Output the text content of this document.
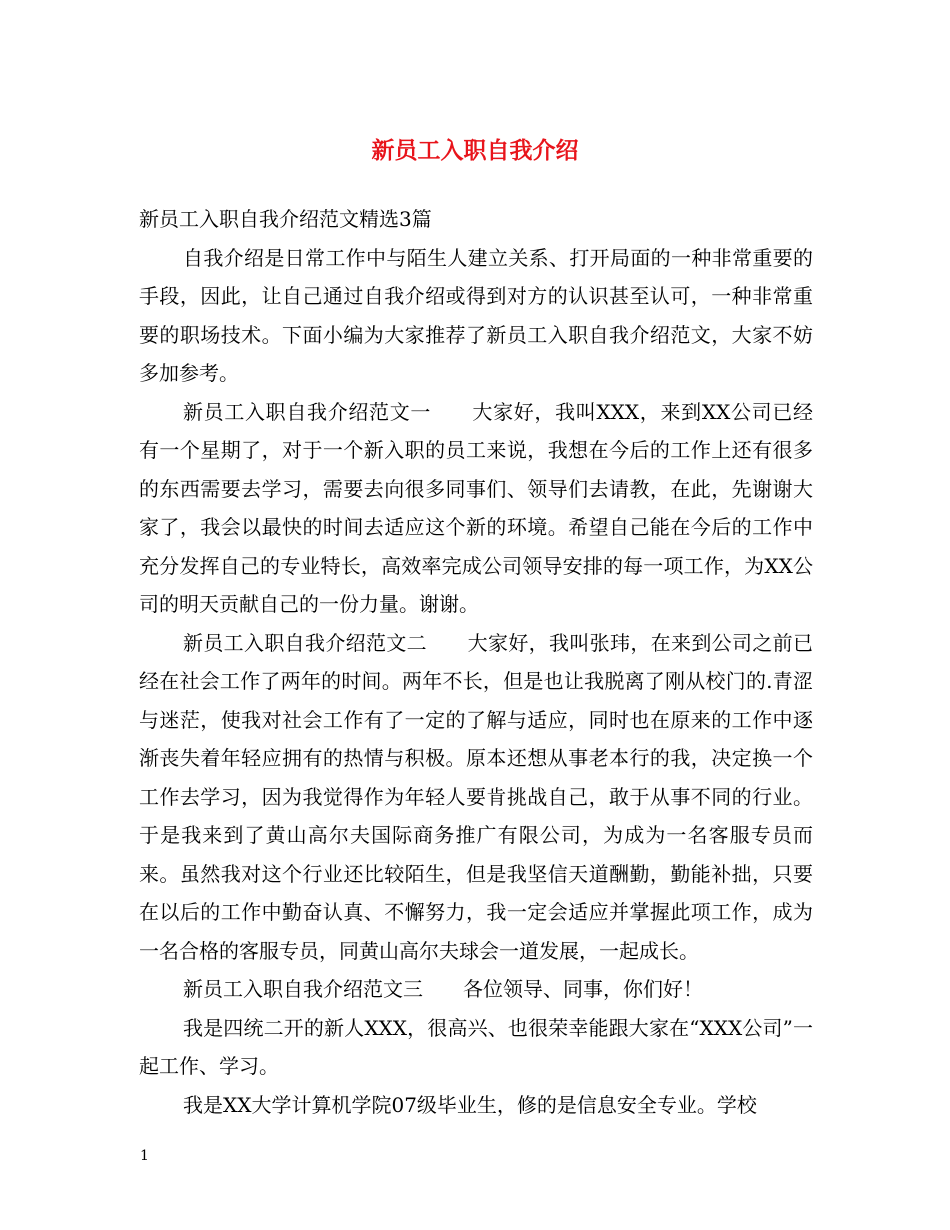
新员工入职自我介绍

新员工入职自我介绍范文精选3篇

自我介绍是日常工作中与陌生人建立关系、打开局面的一种非常重要的手段，因此，让自己通过自我介绍或得到对方的认识甚至认可，一种非常重要的职场技术。下面小编为大家推荐了新员工入职自我介绍范文，大家不妨多加参考。

新员工入职自我介绍范文一　　大家好，我叫XXX，来到XX公司已经有一个星期了，对于一个新入职的员工来说，我想在今后的工作上还有很多的东西需要去学习，需要去向很多同事们、领导们去请教，在此，先谢谢大家了，我会以最快的时间去适应这个新的环境。希望自己能在今后的工作中充分发挥自己的专业特长，高效率完成公司领导安排的每一项工作，为XX公司的明天贡献自己的一份力量。谢谢。

新员工入职自我介绍范文二　　大家好，我叫张玮，在来到公司之前已经在社会工作了两年的时间。两年不长，但是也让我脱离了刚从校门的.青涩与迷茫，使我对社会工作有了一定的了解与适应，同时也在原来的工作中逐渐丧失着年轻应拥有的热情与积极。原本还想从事老本行的我，决定换一个工作去学习，因为我觉得作为年轻人要肯挑战自己，敢于从事不同的行业。于是我来到了黄山高尔夫国际商务推广有限公司，为成为一名客服专员而来。虽然我对这个行业还比较陌生，但是我坚信天道酬勤，勤能补拙，只要在以后的工作中勤奋认真、不懈努力，我一定会适应并掌握此项工作，成为一名合格的客服专员，同黄山高尔夫球会一道发展，一起成长。

新员工入职自我介绍范文三　　各位领导、同事，你们好！

我是四统二开的新人XXX，很高兴、也很荣幸能跟大家在“XXX公司”一起工作、学习。

我是XX大学计算机学院07级毕业生，修的是信息安全专业。学校

1
